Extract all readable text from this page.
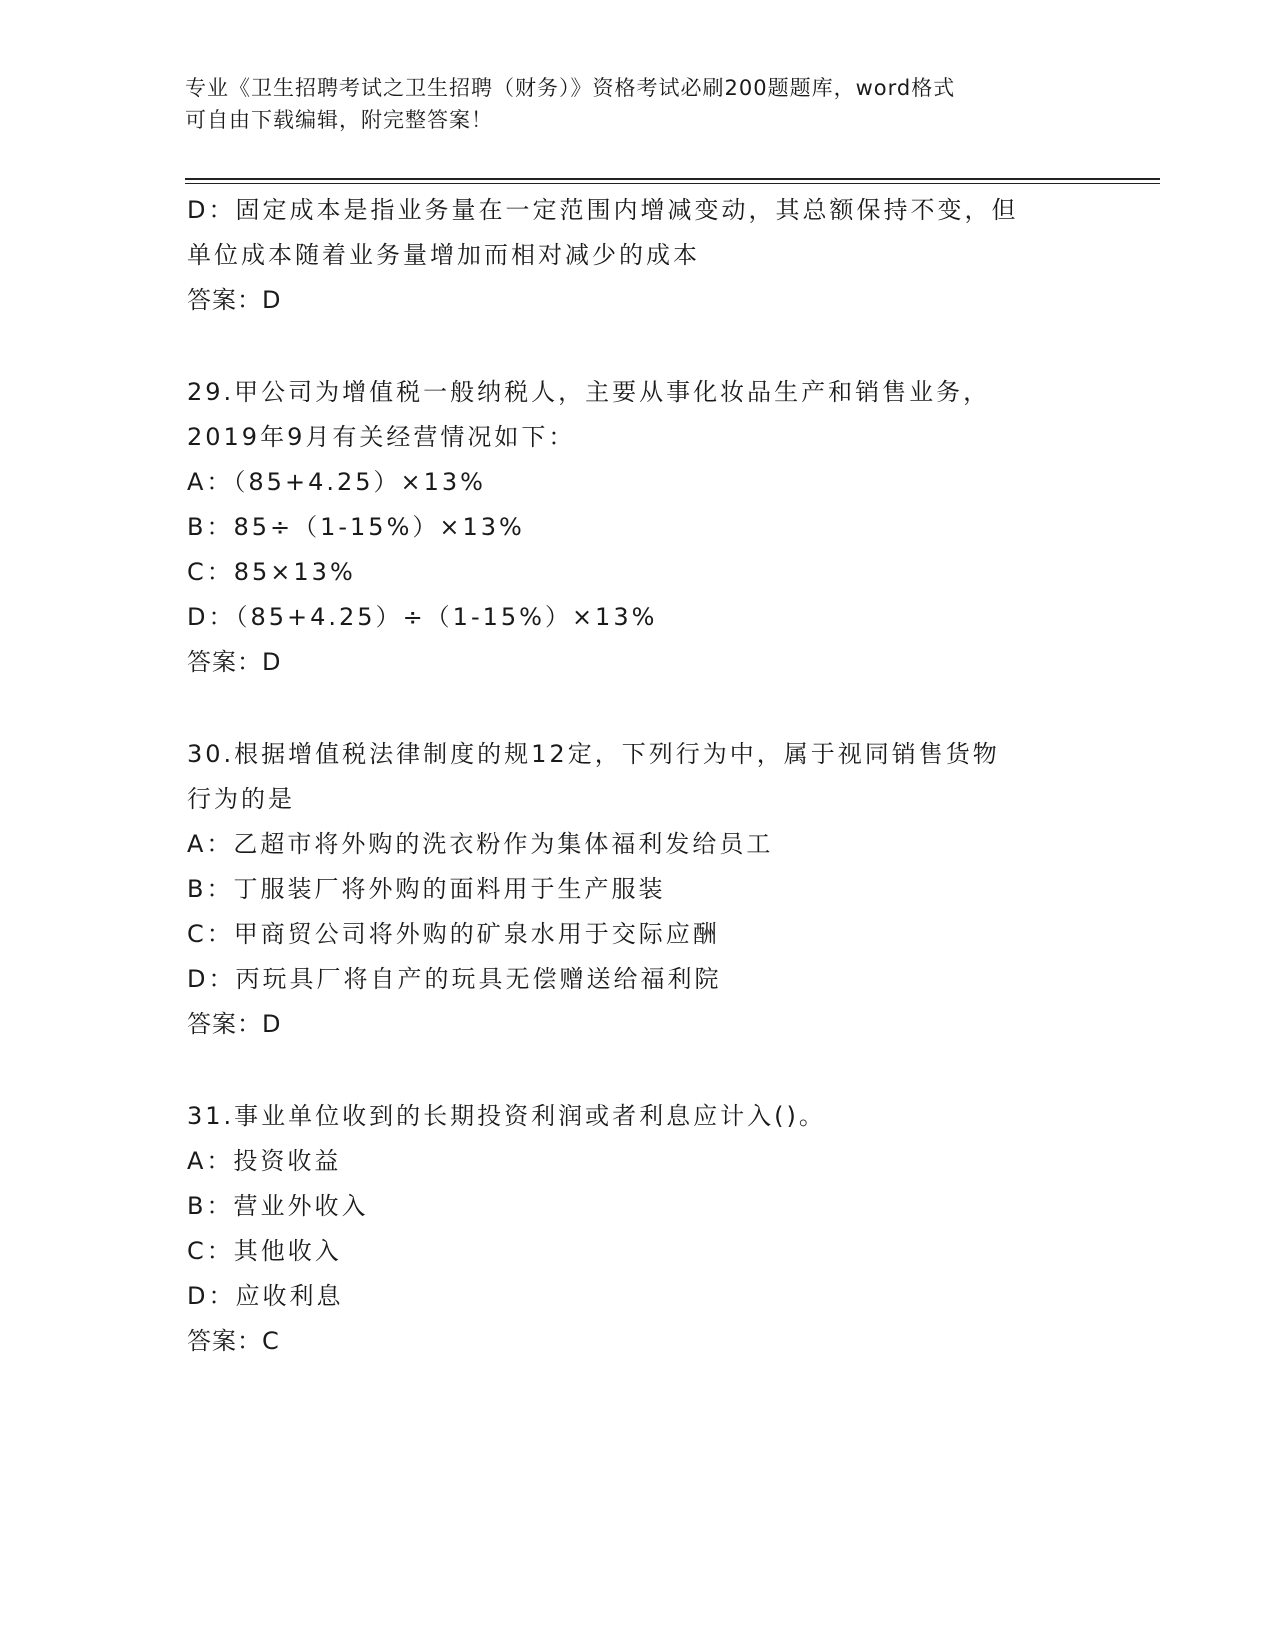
专业《卫生招聘考试之卫生招聘（财务）》资格考试必刷200题题库，word格式
可自由下载编辑，附完整答案！
D：固定成本是指业务量在一定范围内增减变动，其总额保持不变，但
单位成本随着业务量增加而相对减少的成本
答案：D
29.甲公司为增值税一般纳税人，主要从事化妆品生产和销售业务，
2019年9月有关经营情况如下：
A：（85+4.25）×13%
B：85÷（1-15%）×13%
C：85×13%
D：（85+4.25）÷（1-15%）×13%
答案：D
30.根据增值税法律制度的规12定，下列行为中，属于视同销售货物
行为的是
A：乙超市将外购的洗衣粉作为集体福利发给员工
B：丁服装厂将外购的面料用于生产服装
C：甲商贸公司将外购的矿泉水用于交际应酬
D：丙玩具厂将自产的玩具无偿赠送给福利院
答案：D
31.事业单位收到的长期投资利润或者利息应计入()。
A：投资收益
B：营业外收入
C：其他收入
D：应收利息
答案：C
